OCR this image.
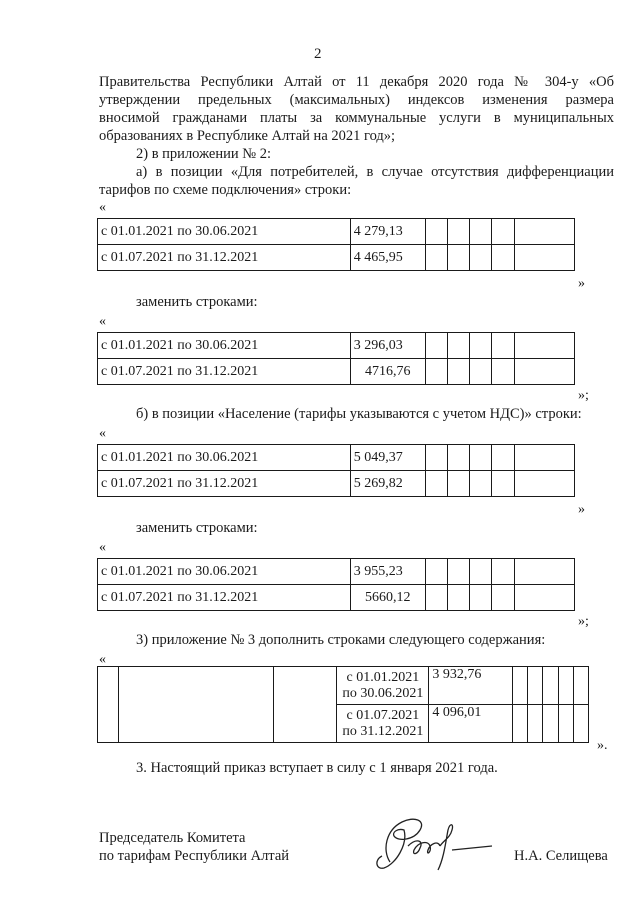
2
Правительства Республики Алтай от 11 декабря 2020 года № 304-у «Об
утверждении предельных (максимальных) индексов изменения размера
вносимой гражданами платы за коммунальные услуги в муниципальных
образованиях в Республике Алтай на 2021 год»;
2) в приложении № 2:
а) в позиции «Для потребителей, в случае отсутствия дифференциации
тарифов по схеме подключения» строки:
«
с 01.01.2021 по 30.06.2021	4 279,13					
с 01.07.2021 по 31.12.2021	4 465,95					
»
заменить строками:
«
с 01.01.2021 по 30.06.2021	3 296,03					
с 01.07.2021 по 31.12.2021	4716,76					
»;
б) в позиции «Население (тарифы указываются с учетом НДС)» строки:
«
с 01.01.2021 по 30.06.2021	5 049,37					
с 01.07.2021 по 31.12.2021	5 269,82					
»
заменить строками:
«
с 01.01.2021 по 30.06.2021	3 955,23					
с 01.07.2021 по 31.12.2021	5660,12					
»;
3) приложение № 3 дополнить строками следующего содержания:
«

			с 01.01.2021
по 30.06.2021	3 932,76					

			с 01.07.2021
по 31.12.2021	4 096,01					
».
3. Настоящий приказ вступает в силу с 1 января 2021 года.
Председатель Комитета
по тарифам Республики Алтай	Н.А. Селищева
